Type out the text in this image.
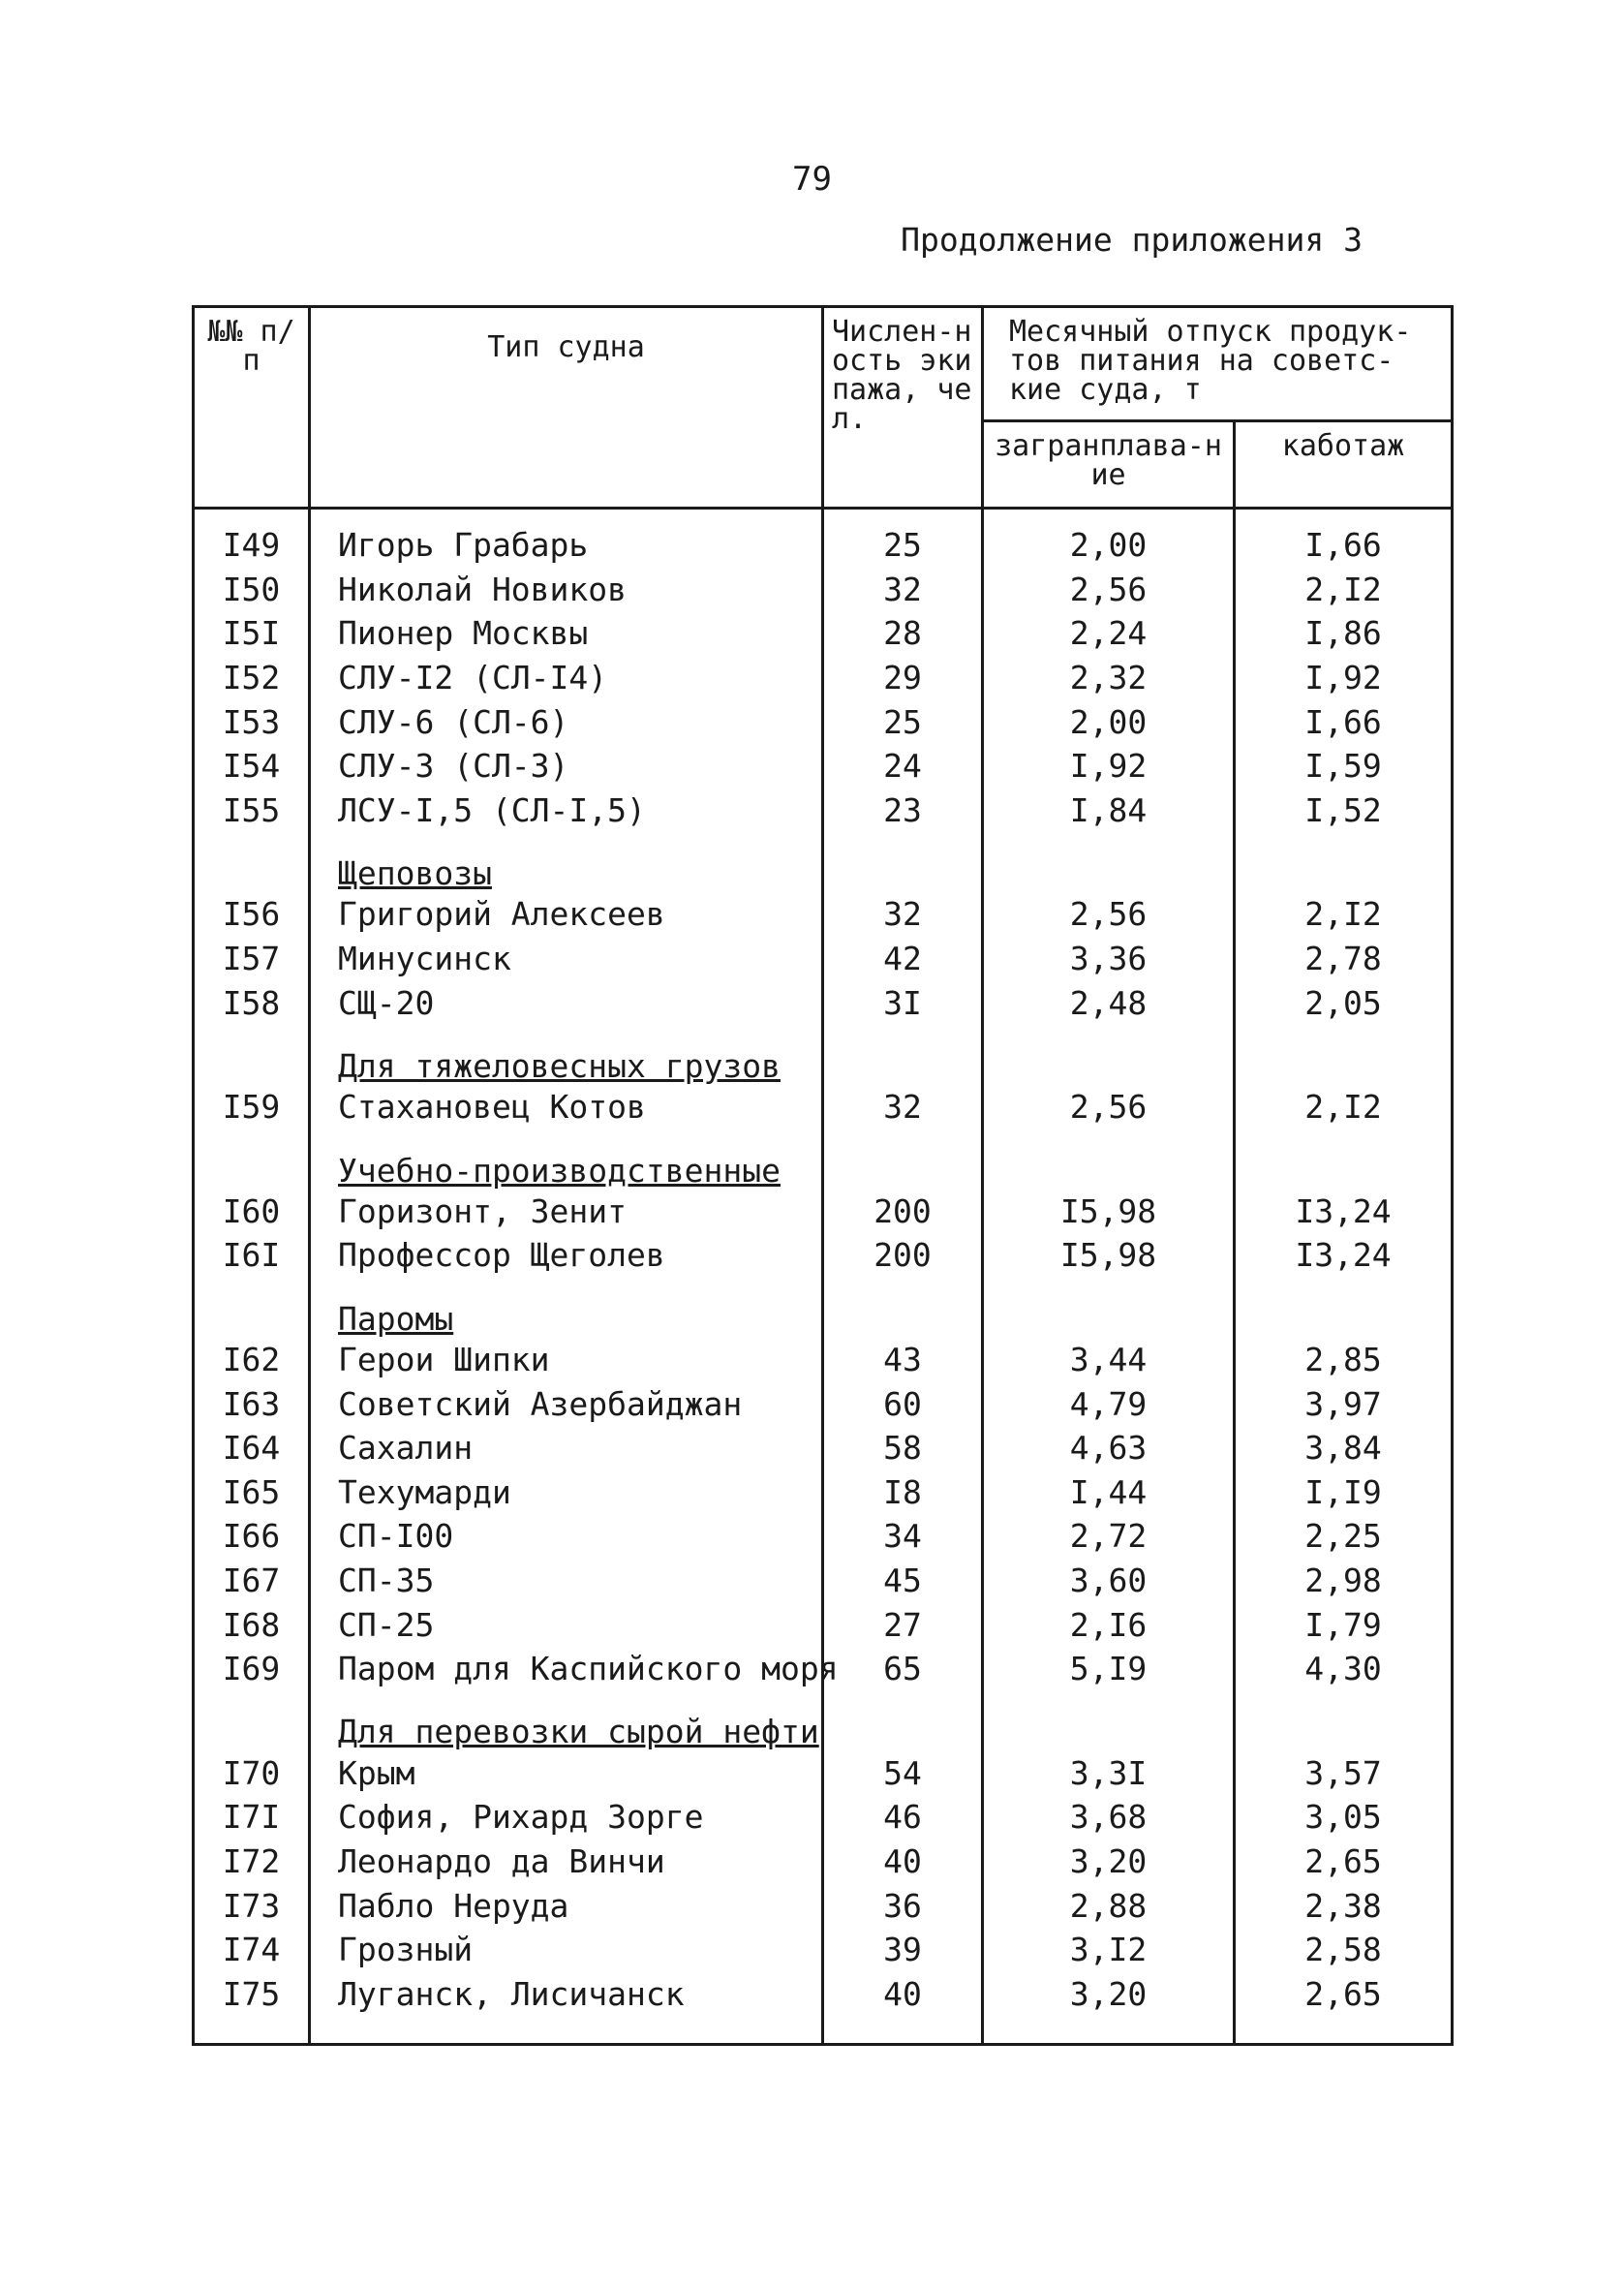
79
Продолжение приложения 3
№№ п/п	Тип судна	Числен-ность экипажа, чел.	Месячный отпуск продук-тов питания на советс-кие суда, т	
			загранплава-ние	каботаж
I49	Игорь Грабарь	25	2,00	I,66
I50	Николай Новиков	32	2,56	2,I2
I5I	Пионер Москвы	28	2,24	I,86
I52	СЛУ-I2 (СЛ-I4)	29	2,32	I,92
I53	СЛУ-6 (СЛ-6)	25	2,00	I,66
I54	СЛУ-3 (СЛ-3)	24	I,92	I,59
I55	ЛСУ-I,5 (СЛ-I,5)	23	I,84	I,52
	Щеповозы			
I56	Григорий Алексеев	32	2,56	2,I2
I57	Минусинск	42	3,36	2,78
I58	СЩ-20	3I	2,48	2,05
	Для тяжеловесных грузов			
I59	Стахановец Котов	32	2,56	2,I2
	Учебно-производственные			
I60	Горизонт, Зенит	200	I5,98	I3,24
I6I	Профессор Щеголев	200	I5,98	I3,24
	Паромы			
I62	Герои Шипки	43	3,44	2,85
I63	Советский Азербайджан	60	4,79	3,97
I64	Сахалин	58	4,63	3,84
I65	Техумарди	I8	I,44	I,I9
I66	СП-I00	34	2,72	2,25
I67	СП-35	45	3,60	2,98
I68	СП-25	27	2,I6	I,79
I69	Паром для Каспийского моря	65	5,I9	4,30
	Для перевозки сырой нефти			
I70	Крым	54	3,3I	3,57
I7I	София, Рихард Зорге	46	3,68	3,05
I72	Леонардо да Винчи	40	3,20	2,65
I73	Пабло Неруда	36	2,88	2,38
I74	Грозный	39	3,I2	2,58
I75	Луганск, Лисичанск	40	3,20	2,65
